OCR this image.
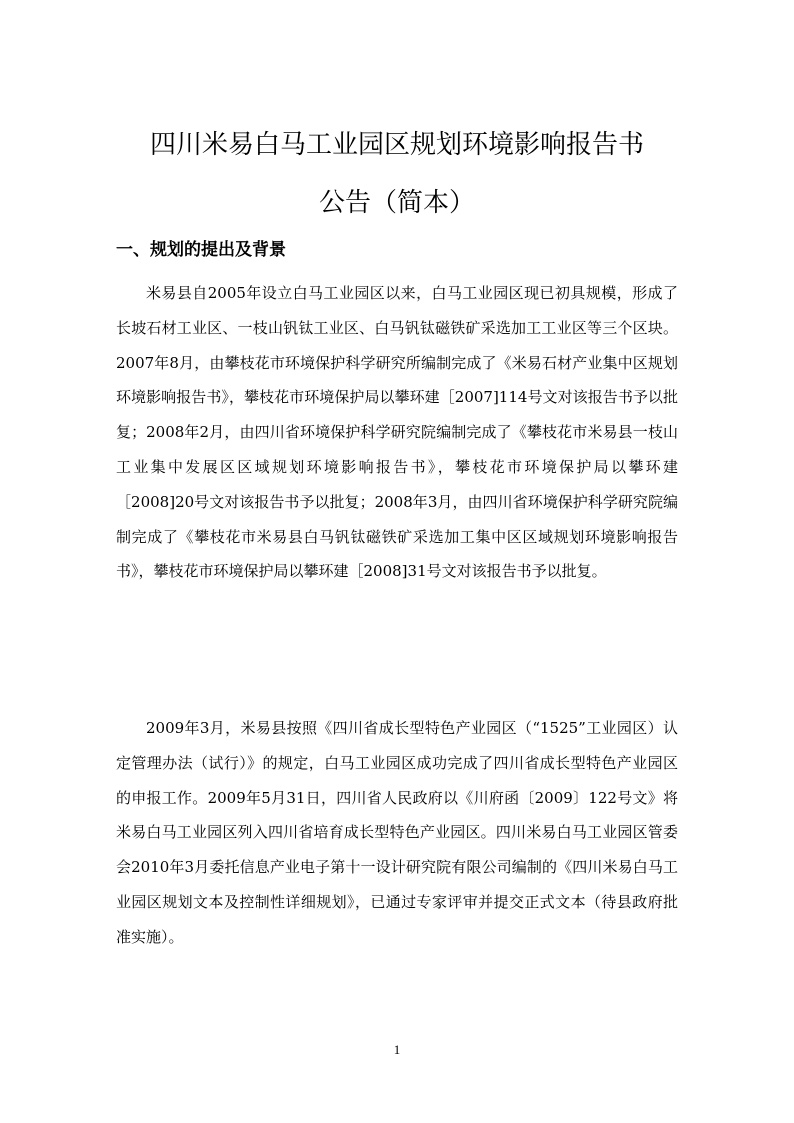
四川米易白马工业园区规划环境影响报告书
公告（简本）
一、规划的提出及背景

米易县自2005年设立白马工业园区以来，白马工业园区现已初具规模，形成了长坡石材工业区、一枝山钒钛工业区、白马钒钛磁铁矿采选加工工业区等三个区块。2007年8月，由攀枝花市环境保护科学研究所编制完成了《米易石材产业集中区规划环境影响报告书》，攀枝花市环境保护局以攀环建［2007]114号文对该报告书予以批复；2008年2月，由四川省环境保护科学研究院编制完成了《攀枝花市米易县一枝山工业集中发展区区域规划环境影响报告书》，攀枝花市环境保护局以攀环建［2008]20号文对该报告书予以批复；2008年3月，由四川省环境保护科学研究院编制完成了《攀枝花市米易县白马钒钛磁铁矿采选加工集中区区域规划环境影响报告书》，攀枝花市环境保护局以攀环建［2008]31号文对该报告书予以批复。

2009年3月，米易县按照《四川省成长型特色产业园区（“1525”工业园区）认定管理办法（试行）》的规定，白马工业园区成功完成了四川省成长型特色产业园区的申报工作。2009年5月31日，四川省人民政府以《川府函〔2009〕122号文》将米易白马工业园区列入四川省培育成长型特色产业园区。四川米易白马工业园区管委会2010年3月委托信息产业电子第十一设计研究院有限公司编制的《四川米易白马工业园区规划文本及控制性详细规划》，已通过专家评审并提交正式文本（待县政府批准实施）。

1
